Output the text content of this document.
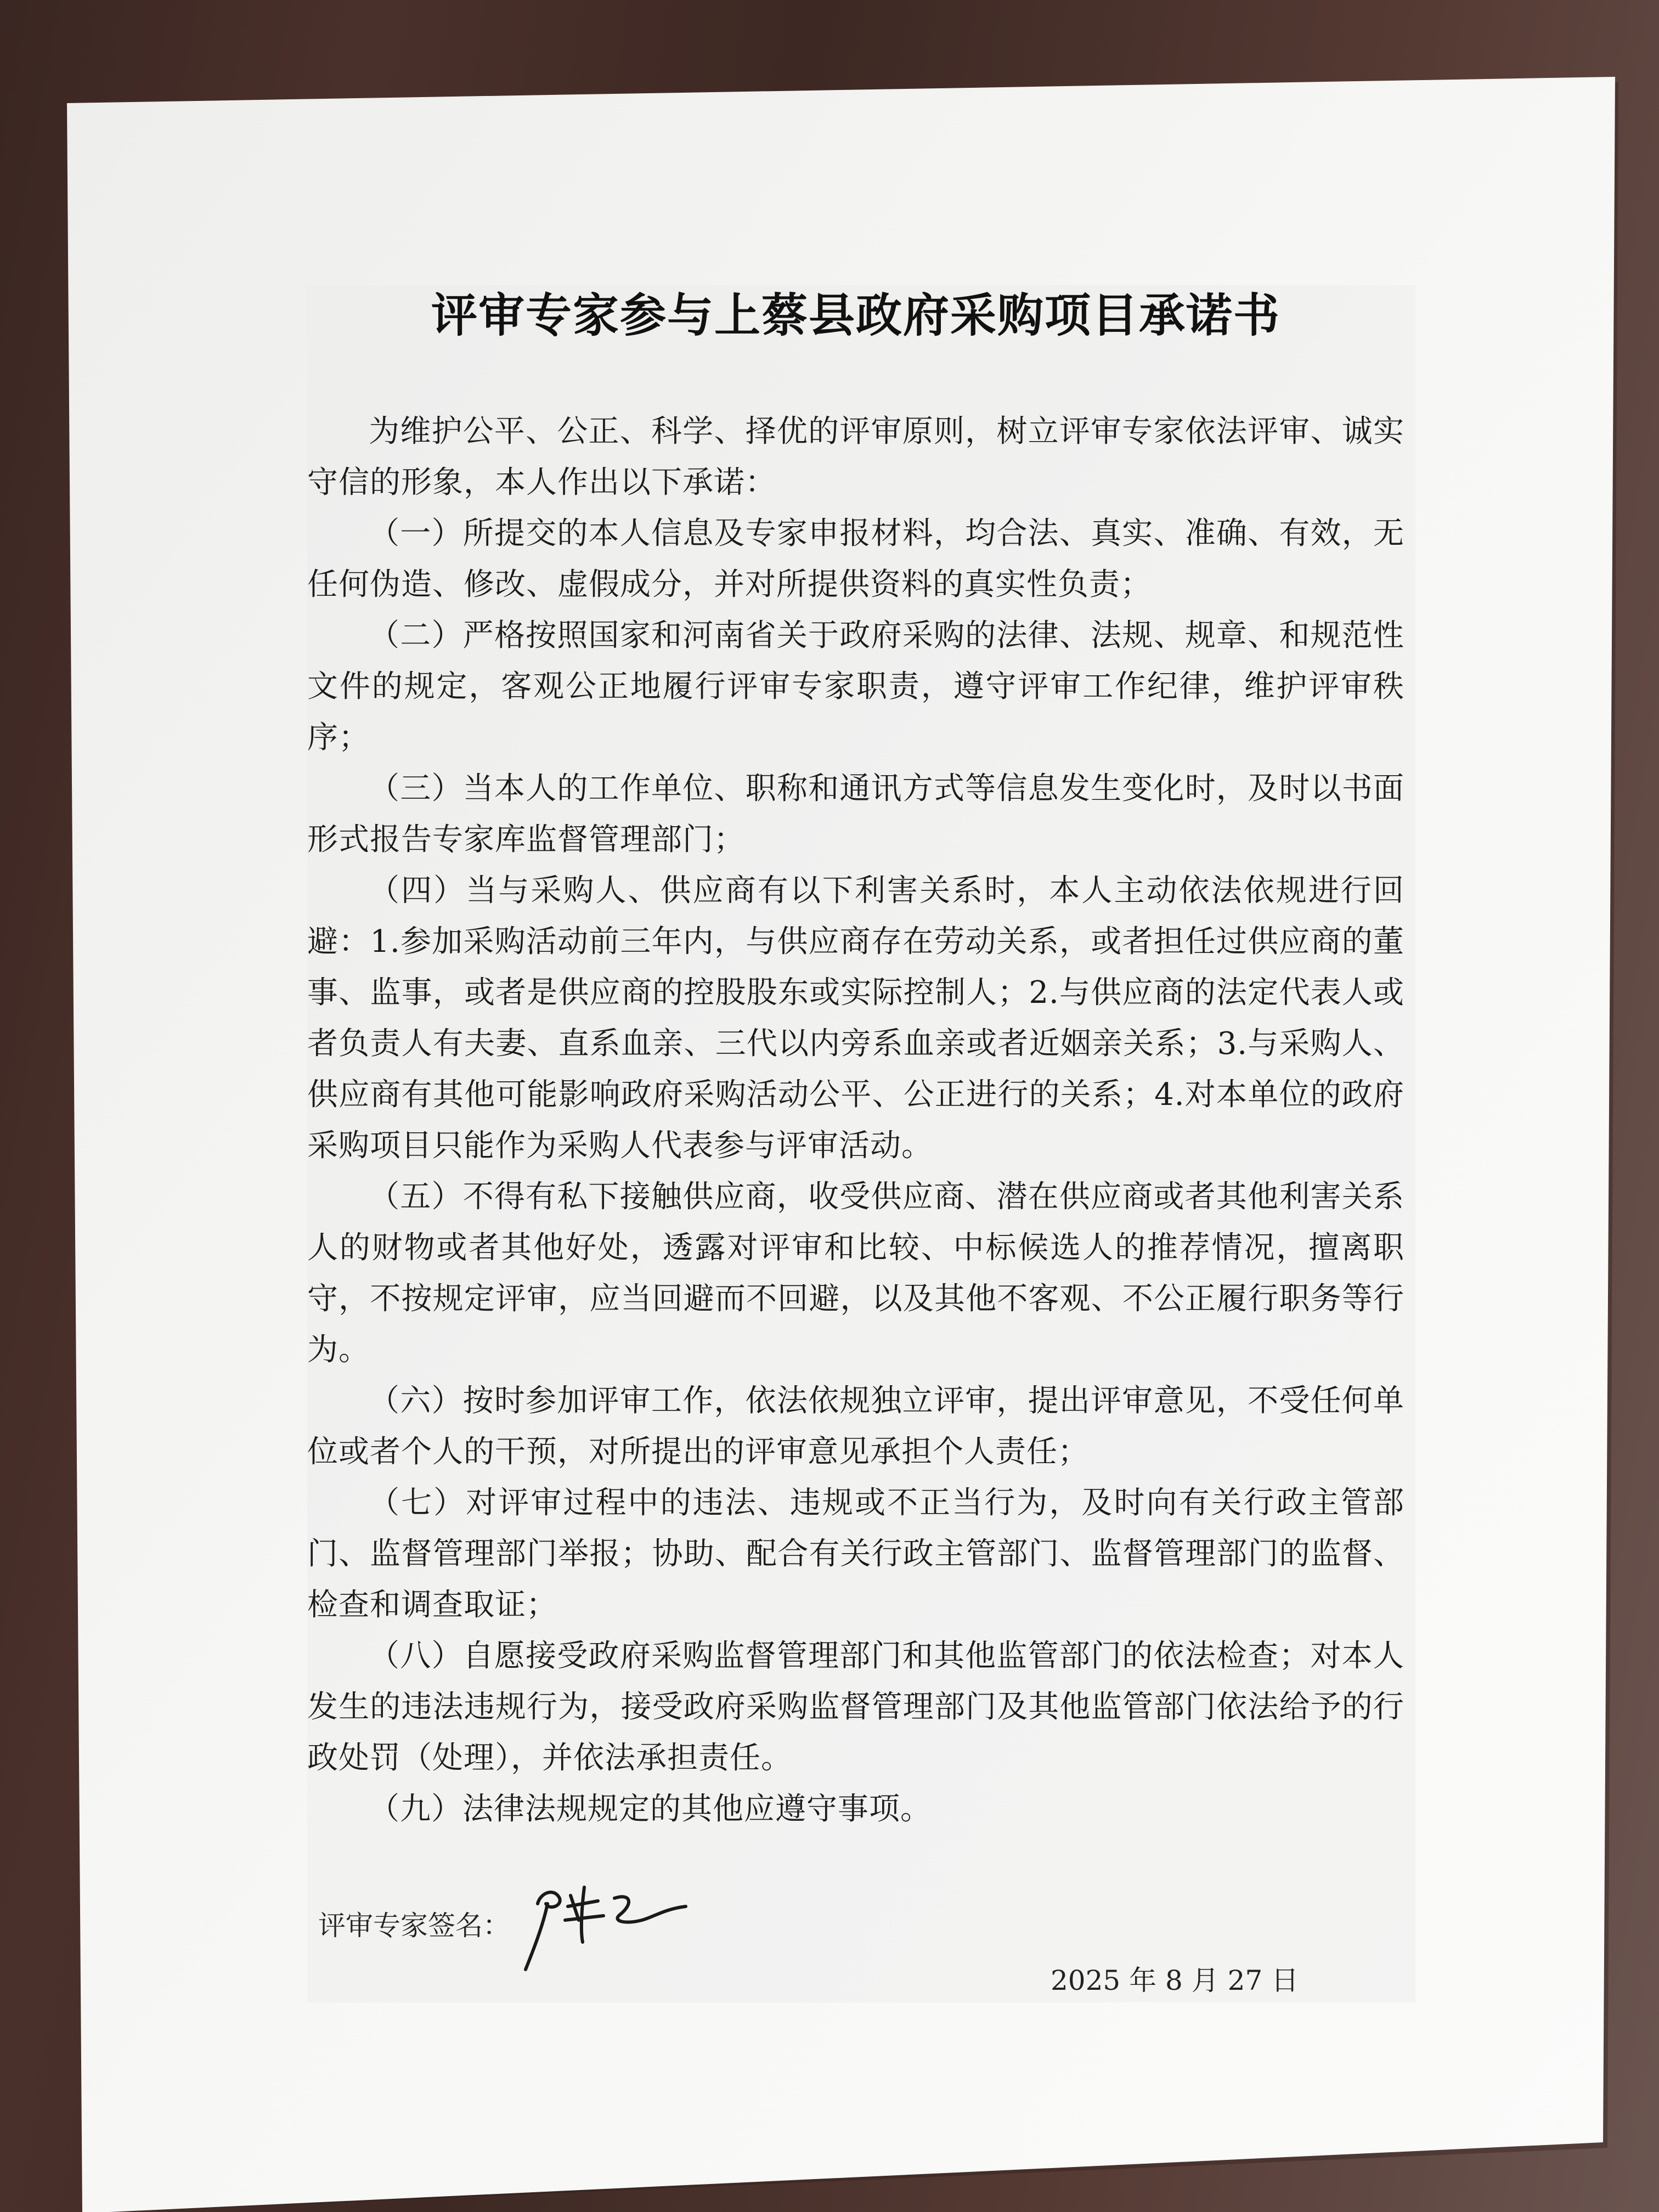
评审专家参与上蔡县政府采购项目承诺书

为维护公平、公正、科学、择优的评审原则，树立评审专家依法评审、诚实守信的形象，本人作出以下承诺：

（一）所提交的本人信息及专家申报材料，均合法、真实、准确、有效，无任何伪造、修改、虚假成分，并对所提供资料的真实性负责；

（二）严格按照国家和河南省关于政府采购的法律、法规、规章、和规范性文件的规定，客观公正地履行评审专家职责，遵守评审工作纪律，维护评审秩序；

（三）当本人的工作单位、职称和通讯方式等信息发生变化时，及时以书面形式报告专家库监督管理部门；

（四）当与采购人、供应商有以下利害关系时，本人主动依法依规进行回避：1.参加采购活动前三年内，与供应商存在劳动关系，或者担任过供应商的董事、监事，或者是供应商的控股股东或实际控制人；2.与供应商的法定代表人或者负责人有夫妻、直系血亲、三代以内旁系血亲或者近姻亲关系；3.与采购人、供应商有其他可能影响政府采购活动公平、公正进行的关系；4.对本单位的政府采购项目只能作为采购人代表参与评审活动。

（五）不得有私下接触供应商，收受供应商、潜在供应商或者其他利害关系人的财物或者其他好处，透露对评审和比较、中标候选人的推荐情况，擅离职守，不按规定评审，应当回避而不回避，以及其他不客观、不公正履行职务等行为。

（六）按时参加评审工作，依法依规独立评审，提出评审意见，不受任何单位或者个人的干预，对所提出的评审意见承担个人责任；

（七）对评审过程中的违法、违规或不正当行为，及时向有关行政主管部门、监督管理部门举报；协助、配合有关行政主管部门、监督管理部门的监督、检查和调查取证；

（八）自愿接受政府采购监督管理部门和其他监管部门的依法检查；对本人发生的违法违规行为，接受政府采购监督管理部门及其他监管部门依法给予的行政处罚（处理），并依法承担责任。

（九）法律法规规定的其他应遵守事项。

评审专家签名：
2025 年 8 月 27 日
